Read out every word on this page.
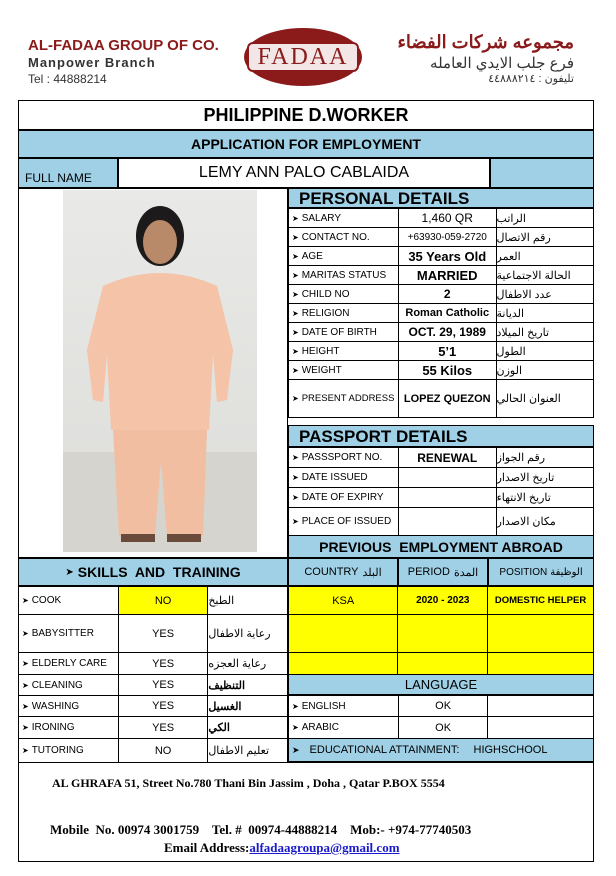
AL-FADAA GROUP OF CO.
Manpower Branch
Tel : 44888214
FADAA
مجموعه شركات الفضاء
فرع جلب الايدي العامله
تليفون : ٤٤٨٨٨٢١٤
PHILIPPINE D.WORKER
APPLICATION FOR EMPLOYMENT
FULL NAME	LEMY ANN PALO CABLAIDA
PERSONAL DETAILS
➤ SALARY	1,460 QR	الراتب

➤ CONTACT NO.	+63930-059-2720	رقم الاتصال

➤ AGE	35 Years Old	العمر

➤ MARITAS STATUS	MARRIED	الحالة الاجتماعية

➤ CHILD NO	2	عدد الاطفال

➤ RELIGION	Roman Catholic	الديانة

➤ DATE OF BIRTH	OCT. 29, 1989	تاريخ الميلاد

➤ HEIGHT	5’1	الطول

➤ WEIGHT	55 Kilos	الوزن

➤ PRESENT ADDRESS	LOPEZ QUEZON	العنوان الحالي
PASSPORT DETAILS
➤ PASSSPORT NO.	RENEWAL	رقم الجواز

➤ DATE ISSUED		تاريخ الاصدار

➤ DATE OF EXPIRY		تاريخ الانتهاء

➤ PLACE OF ISSUED		مكان الاصدار
PREVIOUS  EMPLOYMENT ABROAD
➤ SKILLS  AND  TRAINING	COUNTRY البلد PERIOD المدة POSITION الوظيفة
➤ COOK	NO	الطبخ

➤ BABYSITTER	YES	رعاية الاطفال

➤ ELDERLY CARE	YES	رعاية العجزه

➤ CLEANING	YES	التنظيف

➤ WASHING	YES	الغسيل

➤ IRONING	YES	الكي

➤ TUTORING	NO	تعليم الاطفال
KSA	2020 - 2023	DOMESTIC HELPER

LANGUAGE
➤ ENGLISH	OK	

➤ ARABIC	OK	

➤ EDUCATIONAL ATTAINMENT: HIGHSCHOOL
AL GHRAFA 51, Street No.780 Thani Bin Jassim , Doha , Qatar P.BOX 5554
Mobile  No. 00974 3001759    Tel. #  00974-44888214    Mob:- +974-77740503
Email Address:alfadaagroupa@gmail.com
